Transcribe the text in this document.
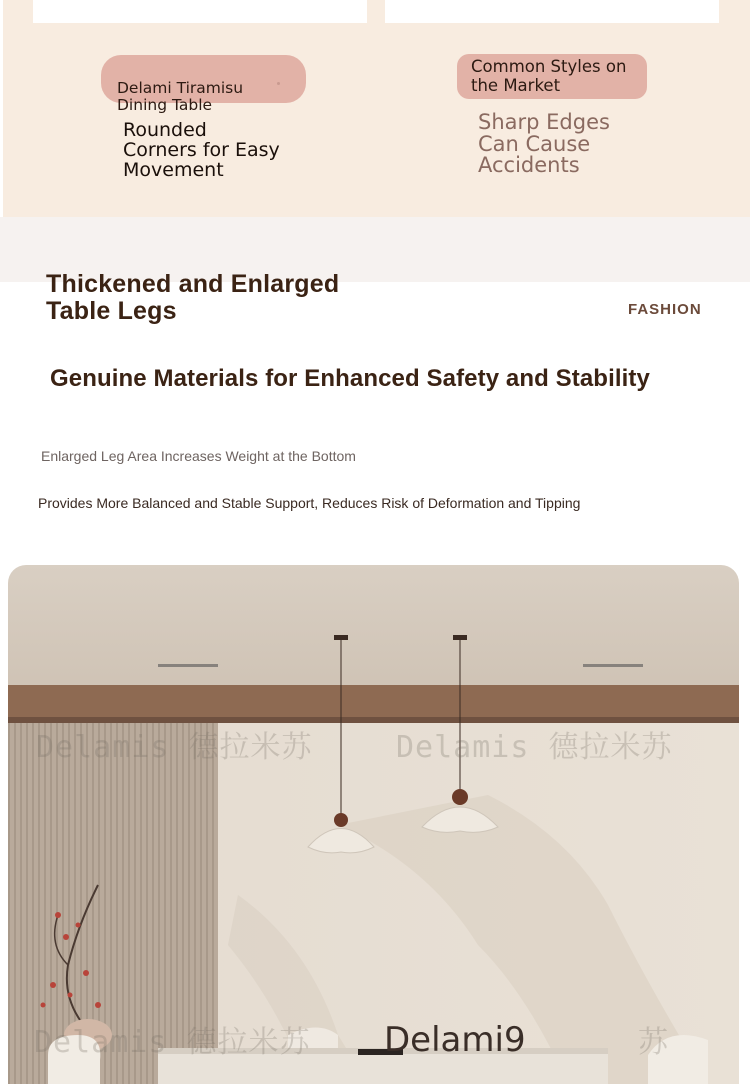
Delami Tiramisu
Dining Table

Rounded
Corners for Easy
Movement
Common Styles on
the Market
Sharp Edges
Can Cause
Accidents
Thickened and Enlarged
Table Legs	FASHION
Genuine Materials for Enhanced Safety and Stability
Enlarged Leg Area Increases Weight at the Bottom
Provides More Balanced and Stable Support, Reduces Risk of Deformation and Tipping
Delamis 德拉米苏	Delamis 德拉米苏
Delamis 德拉米苏	苏
Delami9
